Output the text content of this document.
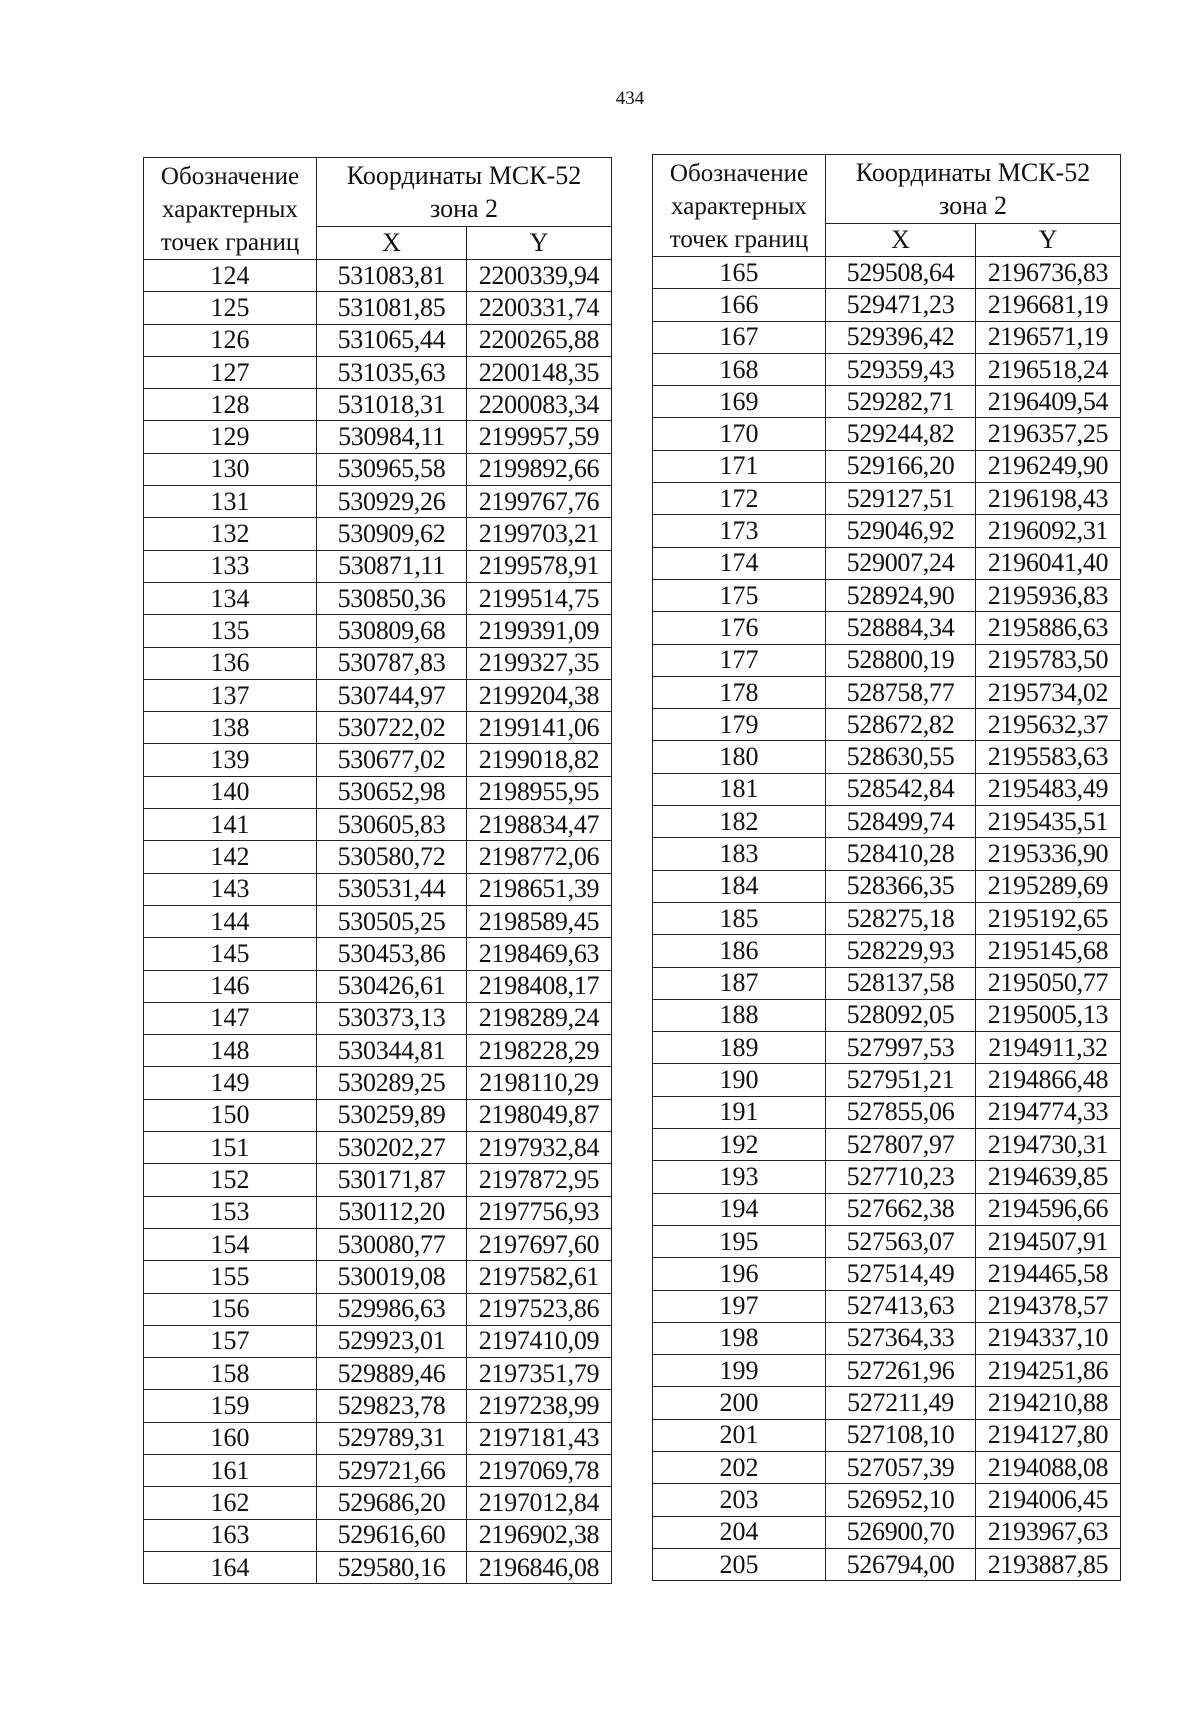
434
Обозначение
характерных
точек границ	Координаты МСК-52
зона 2	
	X	Y
124	531083,81	2200339,94
125	531081,85	2200331,74
126	531065,44	2200265,88
127	531035,63	2200148,35
128	531018,31	2200083,34
129	530984,11	2199957,59
130	530965,58	2199892,66
131	530929,26	2199767,76
132	530909,62	2199703,21
133	530871,11	2199578,91
134	530850,36	2199514,75
135	530809,68	2199391,09
136	530787,83	2199327,35
137	530744,97	2199204,38
138	530722,02	2199141,06
139	530677,02	2199018,82
140	530652,98	2198955,95
141	530605,83	2198834,47
142	530580,72	2198772,06
143	530531,44	2198651,39
144	530505,25	2198589,45
145	530453,86	2198469,63
146	530426,61	2198408,17
147	530373,13	2198289,24
148	530344,81	2198228,29
149	530289,25	2198110,29
150	530259,89	2198049,87
151	530202,27	2197932,84
152	530171,87	2197872,95
153	530112,20	2197756,93
154	530080,77	2197697,60
155	530019,08	2197582,61
156	529986,63	2197523,86
157	529923,01	2197410,09
158	529889,46	2197351,79
159	529823,78	2197238,99
160	529789,31	2197181,43
161	529721,66	2197069,78
162	529686,20	2197012,84
163	529616,60	2196902,38
164	529580,16	2196846,08
Обозначение
характерных
точек границ	Координаты МСК-52
зона 2	
	X	Y
165	529508,64	2196736,83
166	529471,23	2196681,19
167	529396,42	2196571,19
168	529359,43	2196518,24
169	529282,71	2196409,54
170	529244,82	2196357,25
171	529166,20	2196249,90
172	529127,51	2196198,43
173	529046,92	2196092,31
174	529007,24	2196041,40
175	528924,90	2195936,83
176	528884,34	2195886,63
177	528800,19	2195783,50
178	528758,77	2195734,02
179	528672,82	2195632,37
180	528630,55	2195583,63
181	528542,84	2195483,49
182	528499,74	2195435,51
183	528410,28	2195336,90
184	528366,35	2195289,69
185	528275,18	2195192,65
186	528229,93	2195145,68
187	528137,58	2195050,77
188	528092,05	2195005,13
189	527997,53	2194911,32
190	527951,21	2194866,48
191	527855,06	2194774,33
192	527807,97	2194730,31
193	527710,23	2194639,85
194	527662,38	2194596,66
195	527563,07	2194507,91
196	527514,49	2194465,58
197	527413,63	2194378,57
198	527364,33	2194337,10
199	527261,96	2194251,86
200	527211,49	2194210,88
201	527108,10	2194127,80
202	527057,39	2194088,08
203	526952,10	2194006,45
204	526900,70	2193967,63
205	526794,00	2193887,85
